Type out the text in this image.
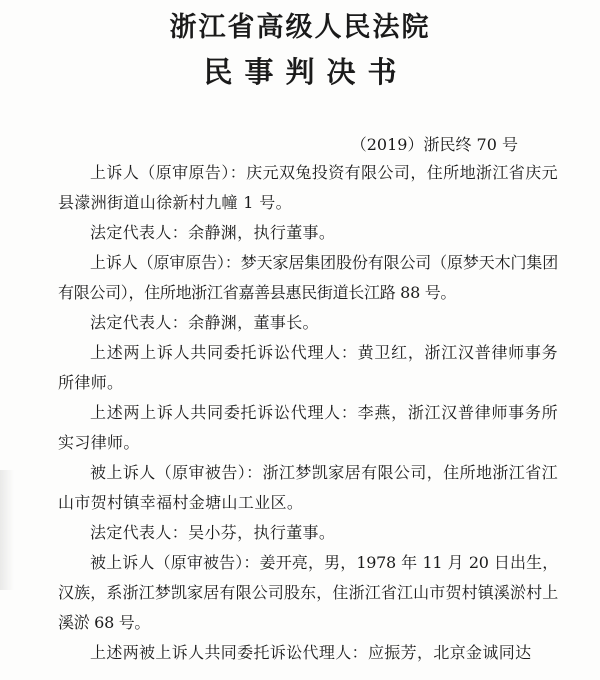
浙江省高级人民法院
民事判决书
（2019）浙民终 70 号

上诉人（原审原告）：庆元双兔投资有限公司，住所地浙江省庆元县濛洲街道山徐新村九幢 1 号。

法定代表人：余静渊，执行董事。

上诉人（原审原告）：梦天家居集团股份有限公司（原梦天木门集团有限公司），住所地浙江省嘉善县惠民街道长江路 88 号。

法定代表人：余静渊，董事长。

上述两上诉人共同委托诉讼代理人：黄卫红，浙江汉普律师事务所律师。

上述两上诉人共同委托诉讼代理人：李燕，浙江汉普律师事务所实习律师。

被上诉人（原审被告）：浙江梦凯家居有限公司，住所地浙江省江山市贺村镇幸福村金塘山工业区。

法定代表人：吴小芬，执行董事。

被上诉人（原审被告）：姜开亮，男，1978 年 11 月 20 日出生，汉族，系浙江梦凯家居有限公司股东，住浙江省江山市贺村镇溪淤村上溪淤 68 号。

上述两被上诉人共同委托诉讼代理人：应振芳，北京金诚同达
